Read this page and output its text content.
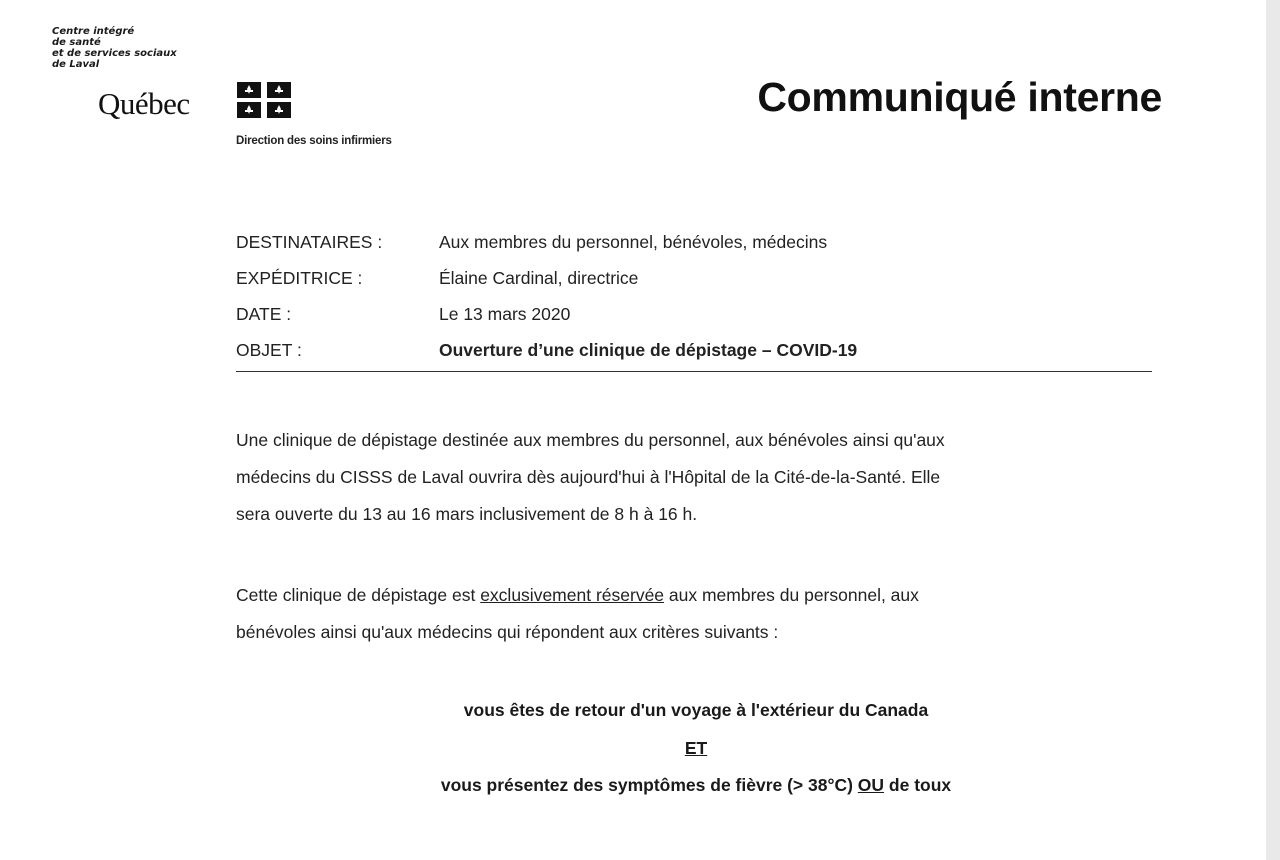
Centre intégré
de santé
et de services sociaux
de Laval
Québec
Direction des soins infirmiers
Communiqué interne
DESTINATAIRES :	Aux membres du personnel, bénévoles, médecins
EXPÉDITRICE :	Élaine Cardinal, directrice
DATE :	Le 13 mars 2020
OBJET :	Ouverture d’une clinique de dépistage – COVID-19
Une clinique de dépistage destinée aux membres du personnel, aux bénévoles ainsi qu'aux
médecins du CISSS de Laval ouvrira dès aujourd'hui à l'Hôpital de la Cité-de-la-Santé. Elle
sera ouverte du 13 au 16 mars inclusivement de 8 h à 16 h.
Cette clinique de dépistage est exclusivement réservée aux membres du personnel, aux
bénévoles ainsi qu'aux médecins qui répondent aux critères suivants :
vous êtes de retour d'un voyage à l'extérieur du Canada
ET
vous présentez des symptômes de fièvre (> 38°C) OU de toux
